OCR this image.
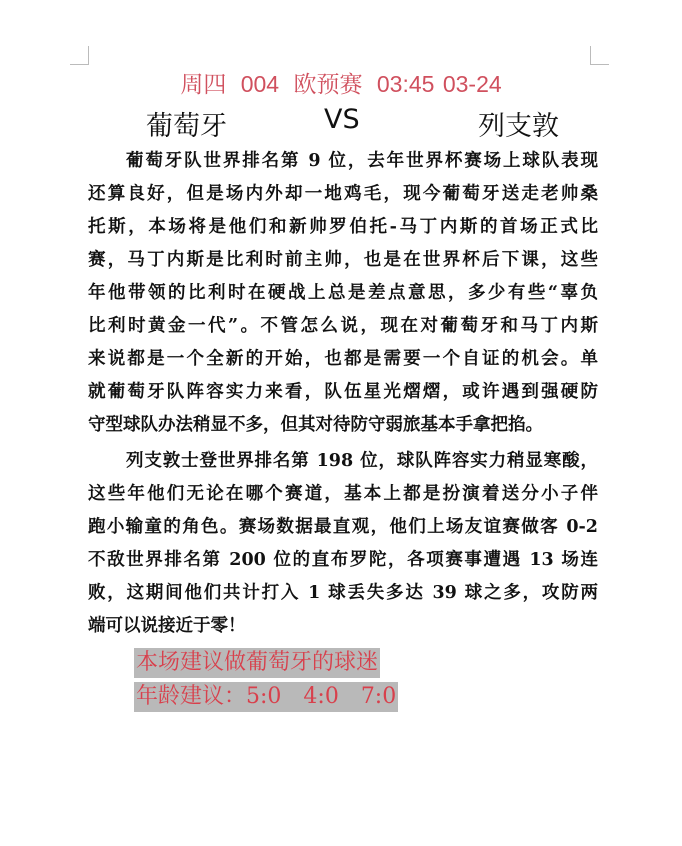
周四 004 欧预赛 03:45 03-24
葡萄牙	VS	列支敦
葡萄牙队世界排名第 9 位，去年世界杯赛场上球队表现
还算良好，但是场内外却一地鸡毛，现今葡萄牙送走老帅桑
托斯，本场将是他们和新帅罗伯托-马丁内斯的首场正式比
赛，马丁内斯是比利时前主帅，也是在世界杯后下课，这些
年他带领的比利时在硬战上总是差点意思，多少有些“辜负
比利时黄金一代”。不管怎么说，现在对葡萄牙和马丁内斯
来说都是一个全新的开始，也都是需要一个自证的机会。单
就葡萄牙队阵容实力来看，队伍星光熠熠，或许遇到强硬防
守型球队办法稍显不多，但其对待防守弱旅基本手拿把掐。
列支敦士登世界排名第 198 位，球队阵容实力稍显寒酸，
这些年他们无论在哪个赛道，基本上都是扮演着送分小子伴
跑小输童的角色。赛场数据最直观，他们上场友谊赛做客 0-2
不敌世界排名第 200 位的直布罗陀，各项赛事遭遇 13 场连
败，这期间他们共计打入 1 球丢失多达 39 球之多，攻防两
端可以说接近于零！
本场建议做葡萄牙的球迷
年龄建议：5:0　4:0　7:0
